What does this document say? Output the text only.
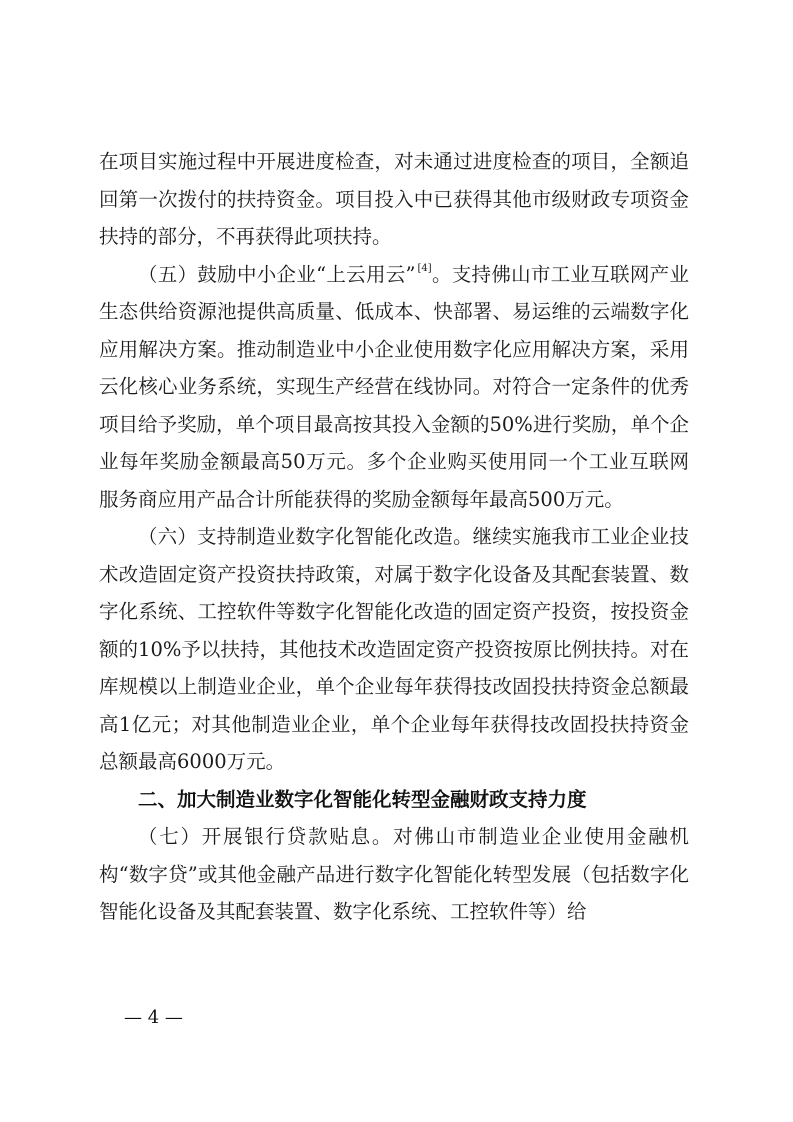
在项目实施过程中开展进度检查，对未通过进度检查的项目，全额追回第一次拨付的扶持资金。项目投入中已获得其他市级财政专项资金扶持的部分，不再获得此项扶持。

（五）鼓励中小企业“上云用云” [4]。支持佛山市工业互联网产业生态供给资源池提供高质量、低成本、快部署、易运维的云端数字化应用解决方案。推动制造业中小企业使用数字化应用解决方案，采用云化核心业务系统，实现生产经营在线协同。对符合一定条件的优秀项目给予奖励，单个项目最高按其投入金额的50%进行奖励，单个企业每年奖励金额最高50万元。多个企业购买使用同一个工业互联网服务商应用产品合计所能获得的奖励金额每年最高500万元。

（六）支持制造业数字化智能化改造。继续实施我市工业企业技术改造固定资产投资扶持政策，对属于数字化设备及其配套装置、数字化系统、工控软件等数字化智能化改造的固定资产投资，按投资金额的10%予以扶持，其他技术改造固定资产投资按原比例扶持。对在库规模以上制造业企业，单个企业每年获得技改固投扶持资金总额最高1亿元；对其他制造业企业，单个企业每年获得技改固投扶持资金总额最高6000万元。

二、加大制造业数字化智能化转型金融财政支持力度

（七）开展银行贷款贴息。对佛山市制造业企业使用金融机构“数字贷”或其他金融产品进行数字化智能化转型发展（包括数字化智能化设备及其配套装置、数字化系统、工控软件等）给

— 4 —
